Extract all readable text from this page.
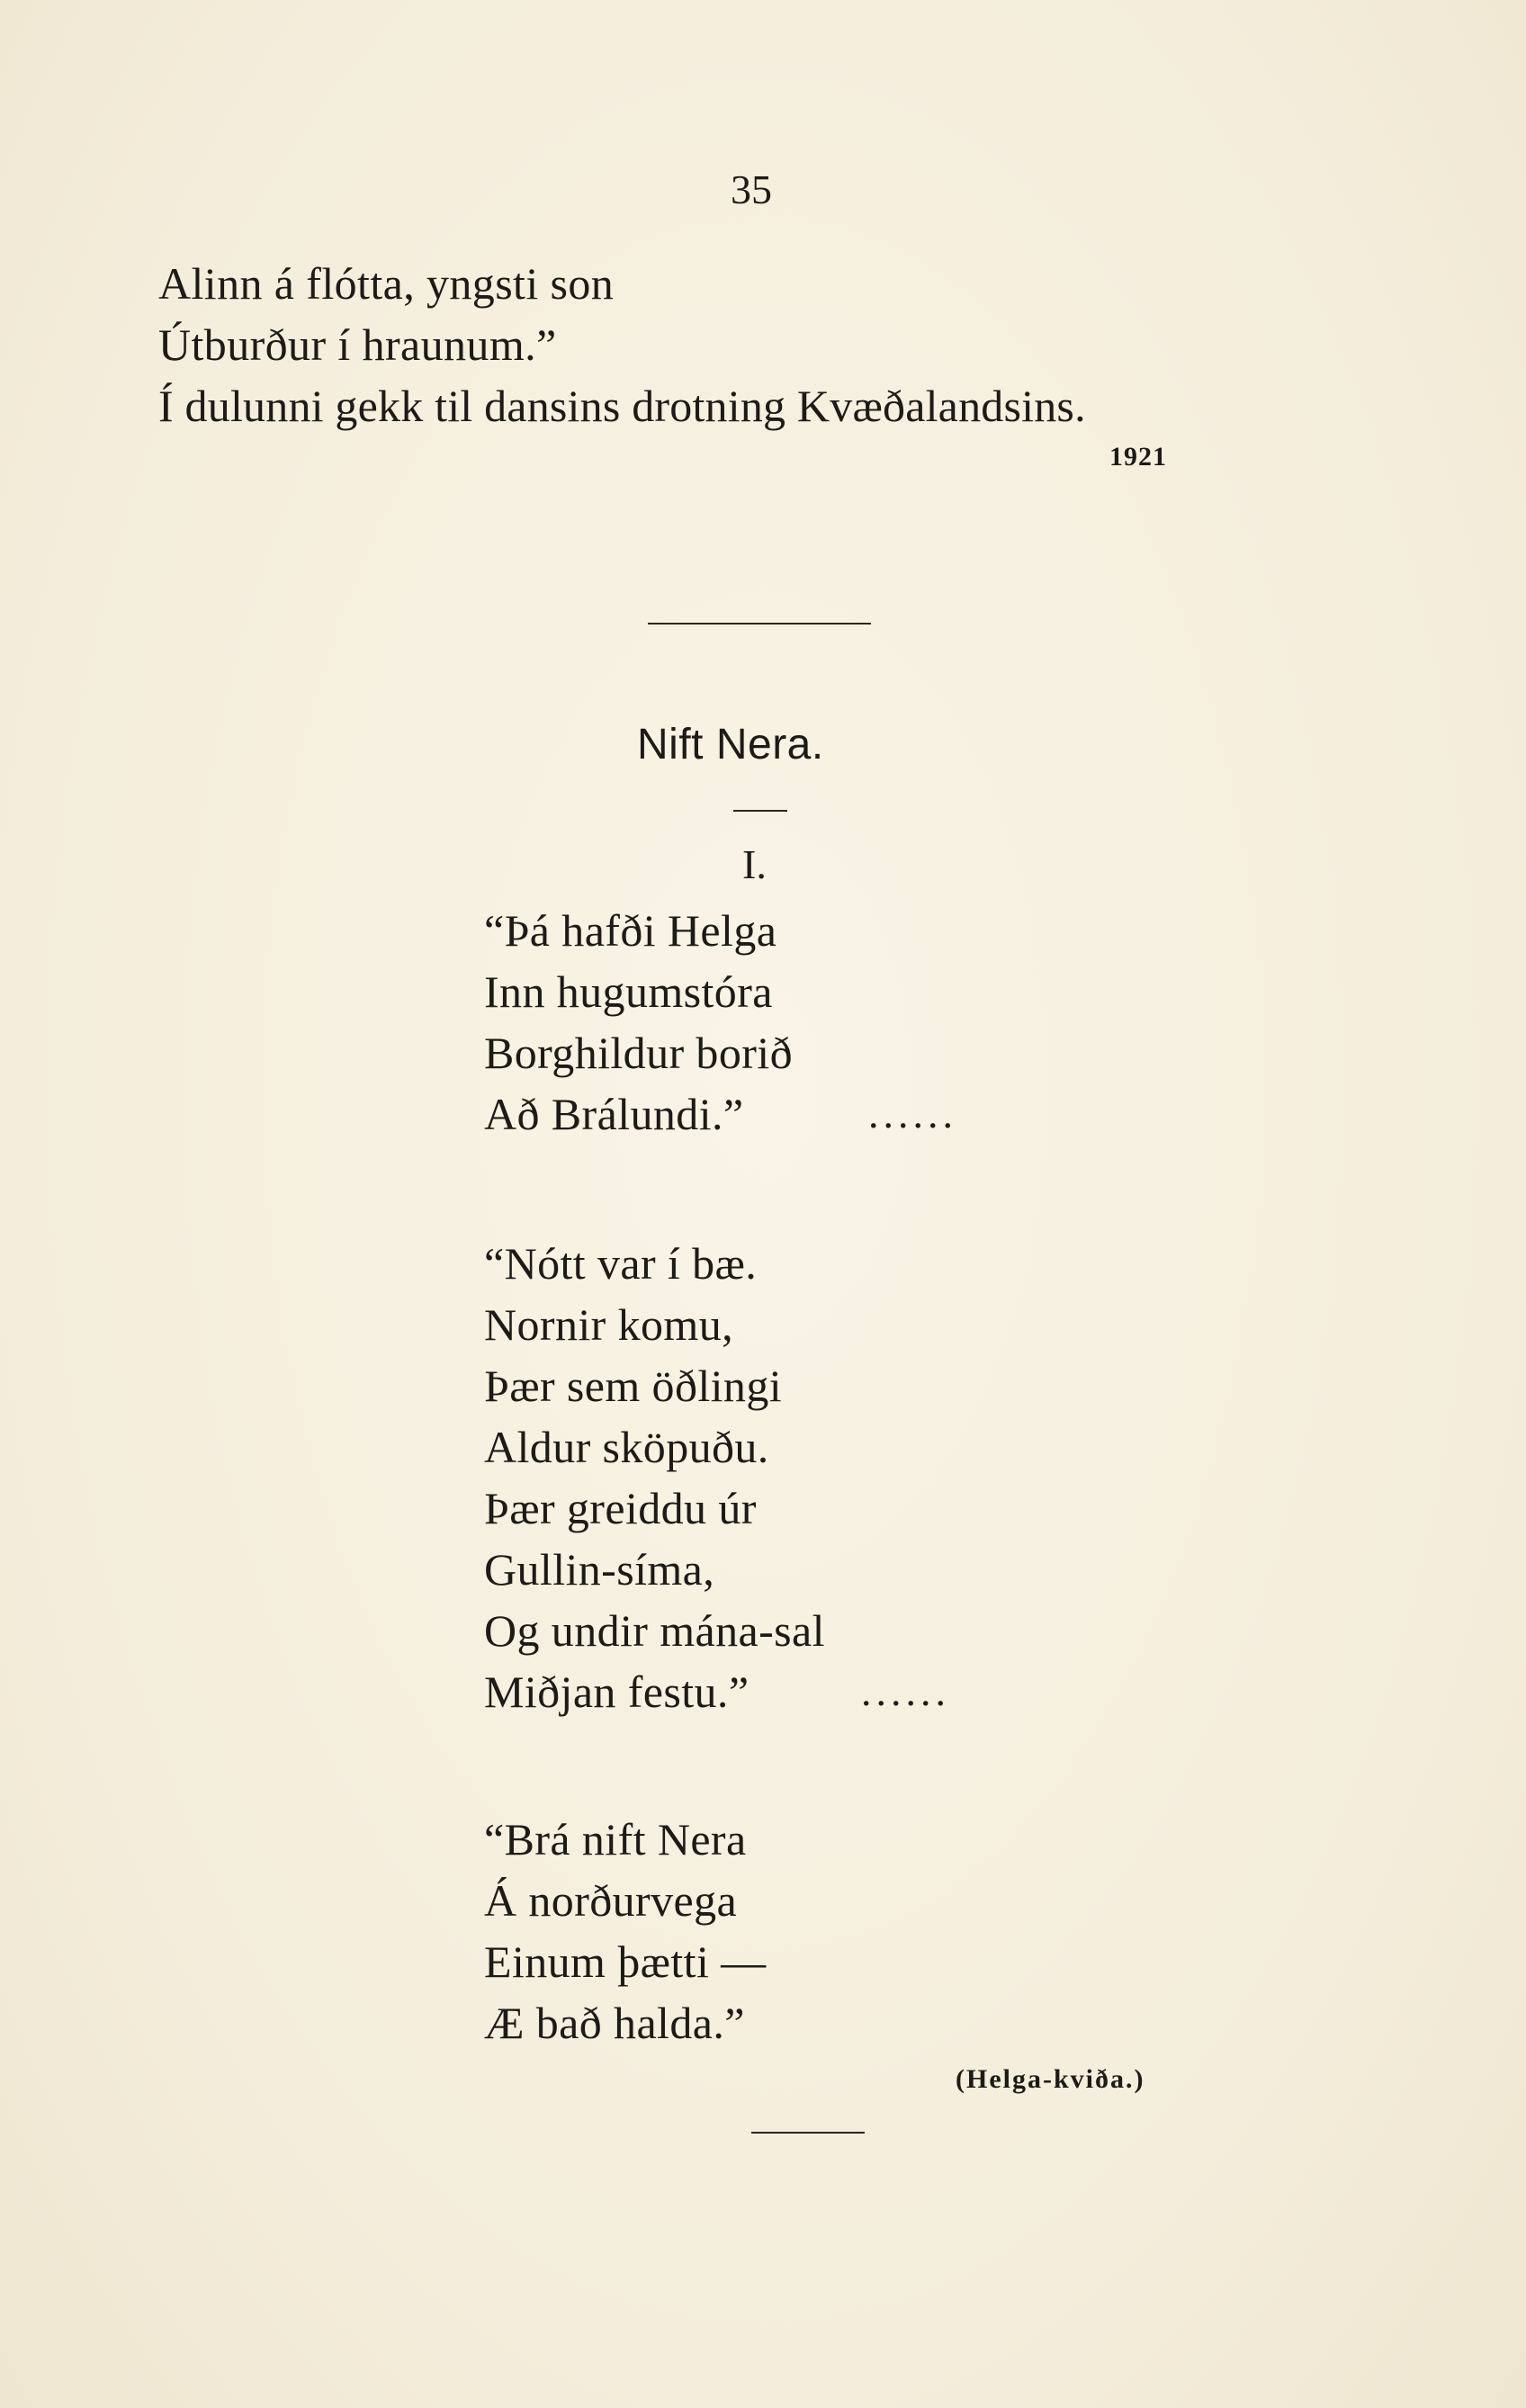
35
Alinn á flótta, yngsti son
Útburður í hraunum.”
Í dulunni gekk til dansins drotning Kvæðalandsins.
1921
Nift Nera.
I.
“Þá hafði Helga
Inn hugumstóra
Borghildur borið
Að Brálundi.”	......
“Nótt var í bæ.
Nornir komu,
Þær sem öðlingi
Aldur sköpuðu.
Þær greiddu úr
Gullin-síma,
Og undir mána-sal
Miðjan festu.”	......
“Brá nift Nera
Á norðurvega
Einum þætti —
Æ bað halda.”
(Helga-kviða.)
